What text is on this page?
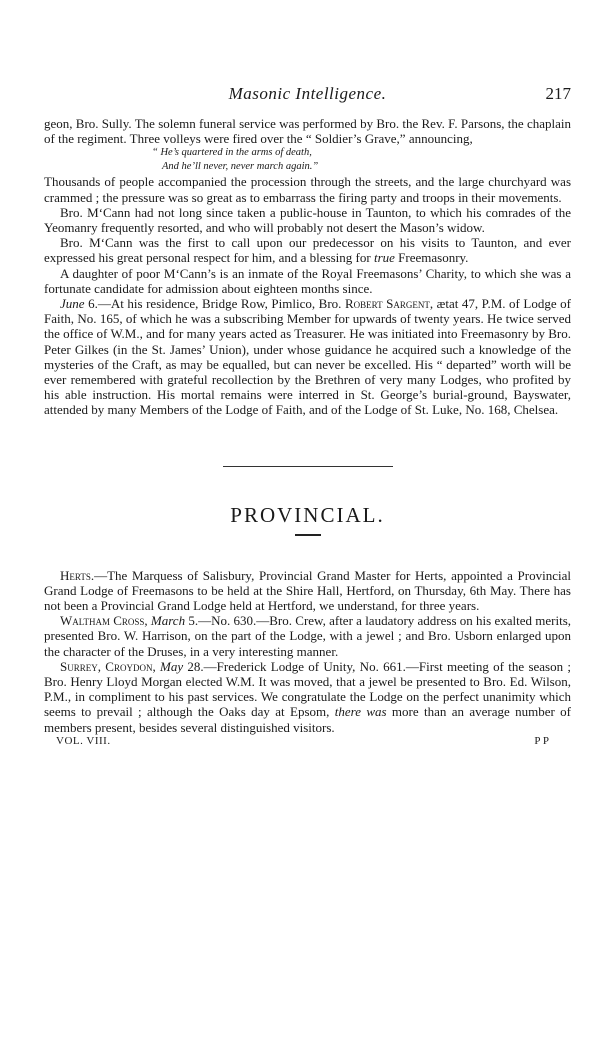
Masonic Intelligence.	217

geon, Bro. Sully. The solemn funeral service was performed by Bro. the Rev. F. Parsons, the chaplain of the regiment. Three volleys were fired over the “ Soldier’s Grave,” announcing,

“ He’s quartered in the arms of death,
And he’ll never, never march again.”

Thousands of people accompanied the procession through the streets, and the large churchyard was crammed ; the pressure was so great as to embarrass the firing party and troops in their movements.

Bro. M‘Cann had not long since taken a public-house in Taunton, to which his comrades of the Yeomanry frequently resorted, and who will probably not desert the Mason’s widow.

Bro. M‘Cann was the first to call upon our predecessor on his visits to Taunton, and ever expressed his great personal respect for him, and a blessing for true Freemasonry.

A daughter of poor M‘Cann’s is an inmate of the Royal Freemasons’ Charity, to which she was a fortunate candidate for admission about eighteen months since.

June 6.—At his residence, Bridge Row, Pimlico, Bro. Robert Sargent, ætat 47, P.M. of Lodge of Faith, No. 165, of which he was a subscribing Member for upwards of twenty years. He twice served the office of W.M., and for many years acted as Treasurer. He was initiated into Freemasonry by Bro. Peter Gilkes (in the St. James’ Union), under whose guidance he acquired such a knowledge of the mysteries of the Craft, as may be equalled, but can never be excelled. His “ departed” worth will be ever remembered with grateful recollection by the Brethren of very many Lodges, who profited by his able instruction. His mortal remains were interred in St. George’s burial-ground, Bayswater, attended by many Members of the Lodge of Faith, and of the Lodge of St. Luke, No. 168, Chelsea.

PROVINCIAL.

Herts.—The Marquess of Salisbury, Provincial Grand Master for Herts, appointed a Provincial Grand Lodge of Freemasons to be held at the Shire Hall, Hertford, on Thursday, 6th May. There has not been a Provincial Grand Lodge held at Hertford, we understand, for three years.

Waltham Cross, March 5.—No. 630.—Bro. Crew, after a laudatory address on his exalted merits, presented Bro. W. Harrison, on the part of the Lodge, with a jewel ; and Bro. Usborn enlarged upon the character of the Druses, in a very interesting manner.

Surrey, Croydon, May 28.—Frederick Lodge of Unity, No. 661.—First meeting of the season ; Bro. Henry Lloyd Morgan elected W.M. It was moved, that a jewel be presented to Bro. Ed. Wilson, P.M., in compliment to his past services. We congratulate the Lodge on the perfect unanimity which seems to prevail ; although the Oaks day at Epsom, there was more than an average number of members present, besides several distinguished visitors.

VOL. VIII.	P P
